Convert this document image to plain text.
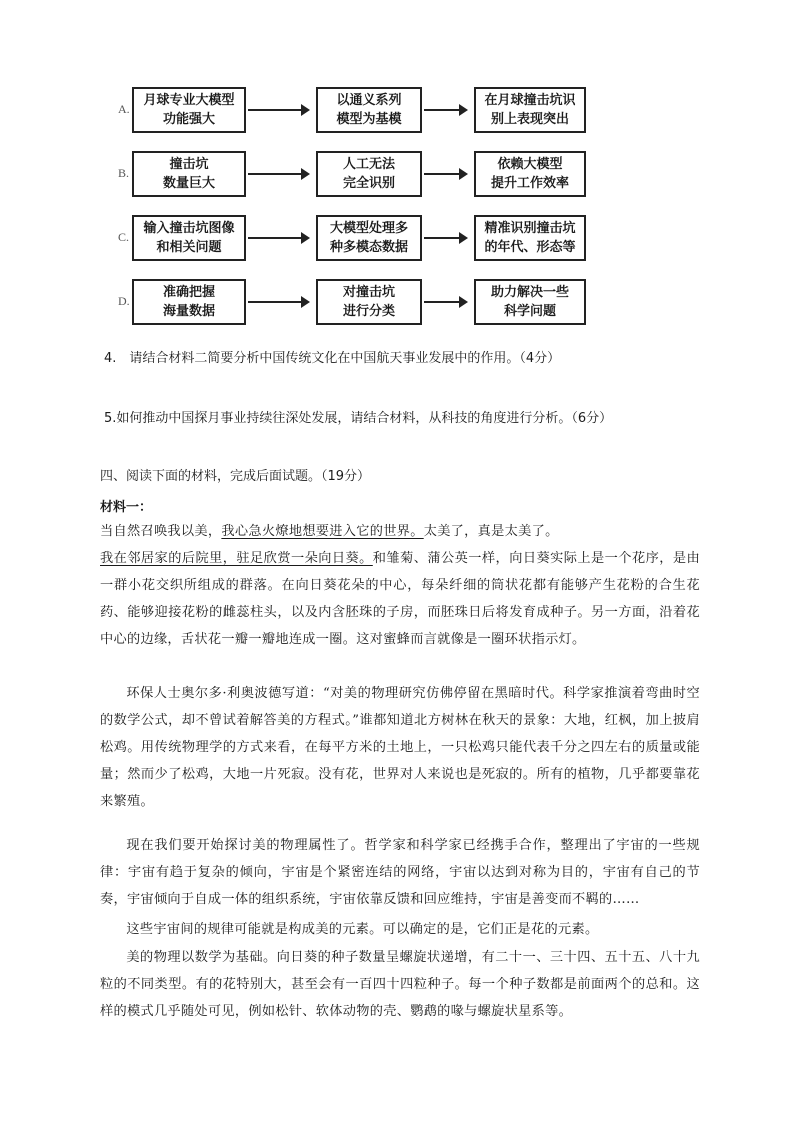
A.
月球专业大模型
功能强大
以通义系列
模型为基模
在月球撞击坑识
别上表现突出
B.
撞击坑
数量巨大
人工无法
完全识别
依赖大模型
提升工作效率
C.
输入撞击坑图像
和相关问题
大模型处理多
种多模态数据
精准识别撞击坑
的年代、形态等
D.
准确把握
海量数据
对撞击坑
进行分类
助力解决一些
科学问题
4.　请结合材料二简要分析中国传统文化在中国航天事业发展中的作用。（4分）
5.如何推动中国探月事业持续往深处发展，请结合材料，从科技的角度进行分析。（6分）
四、阅读下面的材料，完成后面试题。（19分）
材料一：
当自然召唤我以美，我心急火燎地想要进入它的世界。太美了，真是太美了。
我在邻居家的后院里，驻足欣赏一朵向日葵。和雏菊、蒲公英一样，向日葵实际上是一个花序，是由一群小花交织所组成的群落。在向日葵花朵的中心，每朵纤细的筒状花都有能够产生花粉的合生花药、能够迎接花粉的雌蕊柱头，以及内含胚珠的子房，而胚珠日后将发育成种子。另一方面，沿着花中心的边缘，舌状花一瓣一瓣地连成一圈。这对蜜蜂而言就像是一圈环状指示灯。
环保人士奥尔多·利奥波德写道：“对美的物理研究仿佛停留在黑暗时代。科学家推演着弯曲时空的数学公式，却不曾试着解答美的方程式。”谁都知道北方树林在秋天的景象：大地，红枫，加上披肩松鸡。用传统物理学的方式来看，在每平方米的土地上，一只松鸡只能代表千分之四左右的质量或能量；然而少了松鸡，大地一片死寂。没有花，世界对人来说也是死寂的。所有的植物，几乎都要靠花来繁殖。
现在我们要开始探讨美的物理属性了。哲学家和科学家已经携手合作，整理出了宇宙的一些规律：宇宙有趋于复杂的倾向，宇宙是个紧密连结的网络，宇宙以达到对称为目的，宇宙有自己的节奏，宇宙倾向于自成一体的组织系统，宇宙依靠反馈和回应维持，宇宙是善变而不羁的……
这些宇宙间的规律可能就是构成美的元素。可以确定的是，它们正是花的元素。
美的物理以数学为基础。向日葵的种子数量呈螺旋状递增，有二十一、三十四、五十五、八十九粒的不同类型。有的花特别大，甚至会有一百四十四粒种子。每一个种子数都是前面两个的总和。这样的模式几乎随处可见，例如松针、软体动物的壳、鹦鹉的喙与螺旋状星系等。
